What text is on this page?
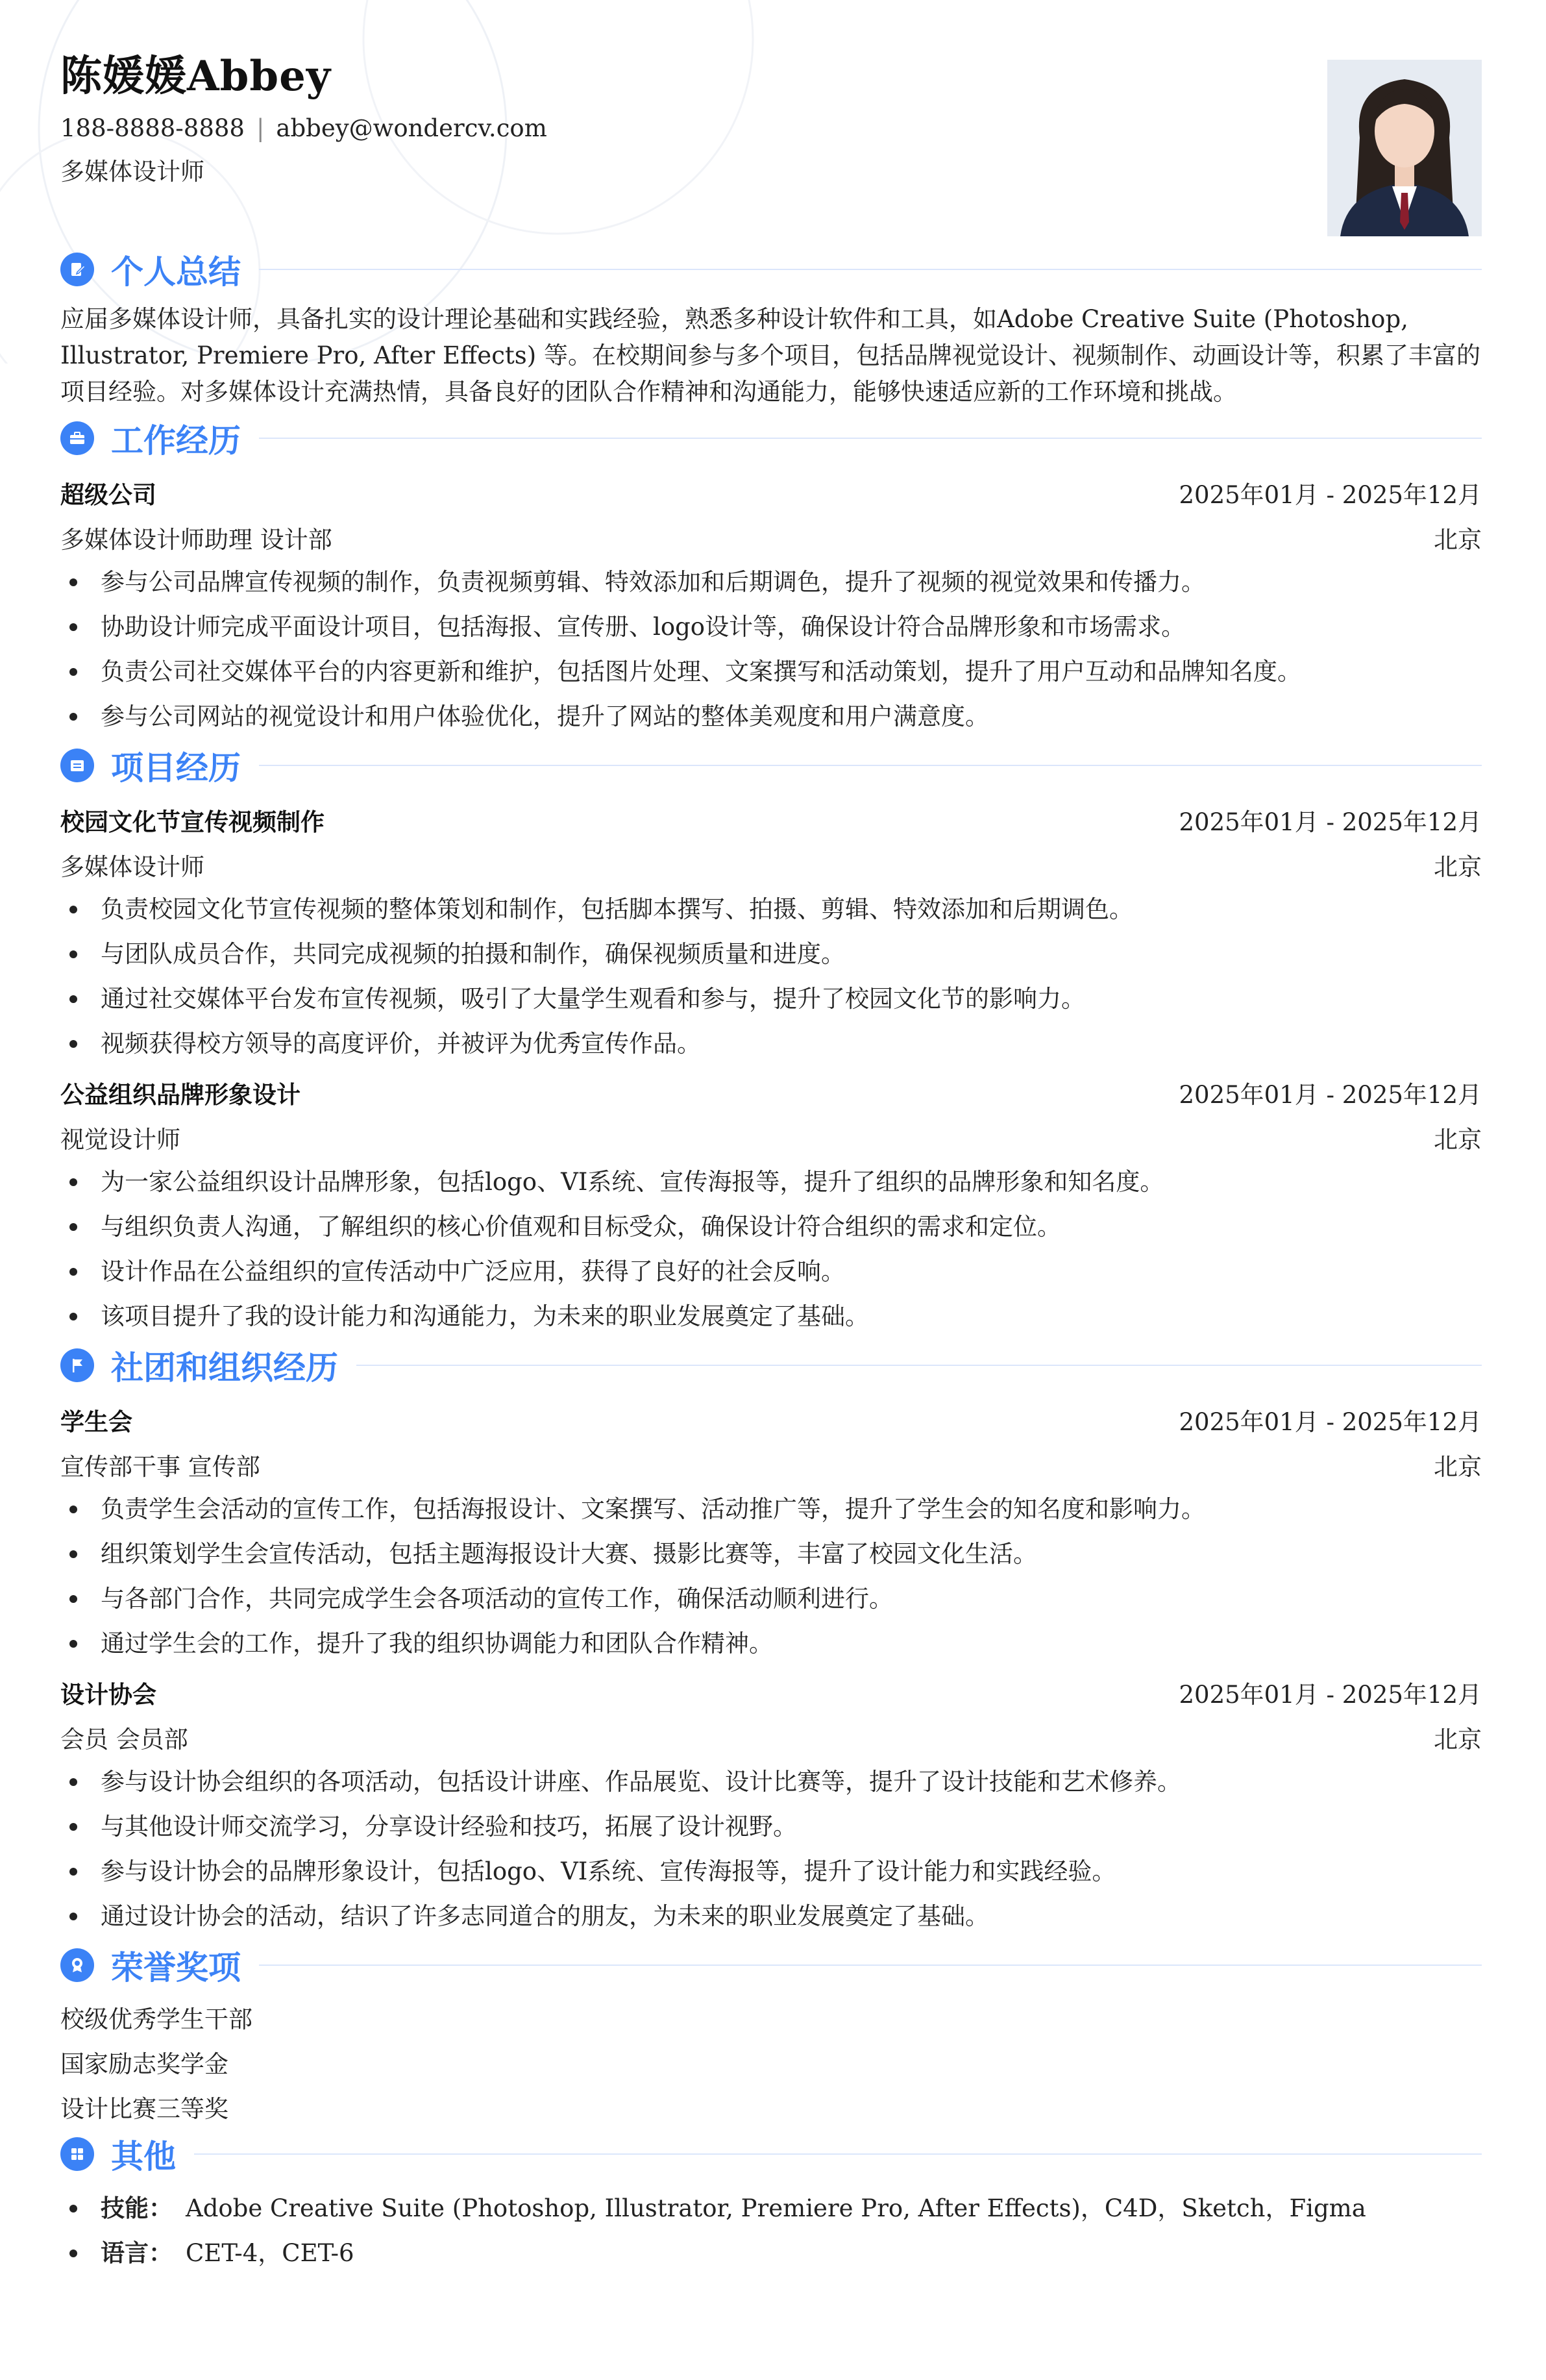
陈媛媛Abbey
188-8888-8888 | abbey@wondercv.com
多媒体设计师
个人总结

应届多媒体设计师，具备扎实的设计理论基础和实践经验，熟悉多种设计软件和工具，如Adobe Creative Suite (Photoshop, Illustrator, Premiere Pro, After Effects) 等。在校期间参与多个项目，包括品牌视觉设计、视频制作、动画设计等，积累了丰富的项目经验。对多媒体设计充满热情，具备良好的团队合作精神和沟通能力，能够快速适应新的工作环境和挑战。

工作经历
超级公司	2025年01月 - 2025年12月
多媒体设计师助理 设计部	北京
参与公司品牌宣传视频的制作，负责视频剪辑、特效添加和后期调色，提升了视频的视觉效果和传播力。
协助设计师完成平面设计项目，包括海报、宣传册、logo设计等，确保设计符合品牌形象和市场需求。
负责公司社交媒体平台的内容更新和维护，包括图片处理、文案撰写和活动策划，提升了用户互动和品牌知名度。
参与公司网站的视觉设计和用户体验优化，提升了网站的整体美观度和用户满意度。
项目经历
校园文化节宣传视频制作	2025年01月 - 2025年12月
多媒体设计师	北京
负责校园文化节宣传视频的整体策划和制作，包括脚本撰写、拍摄、剪辑、特效添加和后期调色。
与团队成员合作，共同完成视频的拍摄和制作，确保视频质量和进度。
通过社交媒体平台发布宣传视频，吸引了大量学生观看和参与，提升了校园文化节的影响力。
视频获得校方领导的高度评价，并被评为优秀宣传作品。
公益组织品牌形象设计	2025年01月 - 2025年12月
视觉设计师	北京
为一家公益组织设计品牌形象，包括logo、VI系统、宣传海报等，提升了组织的品牌形象和知名度。
与组织负责人沟通，了解组织的核心价值观和目标受众，确保设计符合组织的需求和定位。
设计作品在公益组织的宣传活动中广泛应用，获得了良好的社会反响。
该项目提升了我的设计能力和沟通能力，为未来的职业发展奠定了基础。
社团和组织经历
学生会	2025年01月 - 2025年12月
宣传部干事 宣传部	北京
负责学生会活动的宣传工作，包括海报设计、文案撰写、活动推广等，提升了学生会的知名度和影响力。
组织策划学生会宣传活动，包括主题海报设计大赛、摄影比赛等，丰富了校园文化生活。
与各部门合作，共同完成学生会各项活动的宣传工作，确保活动顺利进行。
通过学生会的工作，提升了我的组织协调能力和团队合作精神。
设计协会	2025年01月 - 2025年12月
会员 会员部	北京
参与设计协会组织的各项活动，包括设计讲座、作品展览、设计比赛等，提升了设计技能和艺术修养。
与其他设计师交流学习，分享设计经验和技巧，拓展了设计视野。
参与设计协会的品牌形象设计，包括logo、VI系统、宣传海报等，提升了设计能力和实践经验。
通过设计协会的活动，结识了许多志同道合的朋友，为未来的职业发展奠定了基础。
荣誉奖项
校级优秀学生干部
国家励志奖学金
设计比赛三等奖
其他
技能： Adobe Creative Suite (Photoshop, Illustrator, Premiere Pro, After Effects)，C4D，Sketch，Figma
语言： CET-4，CET-6
